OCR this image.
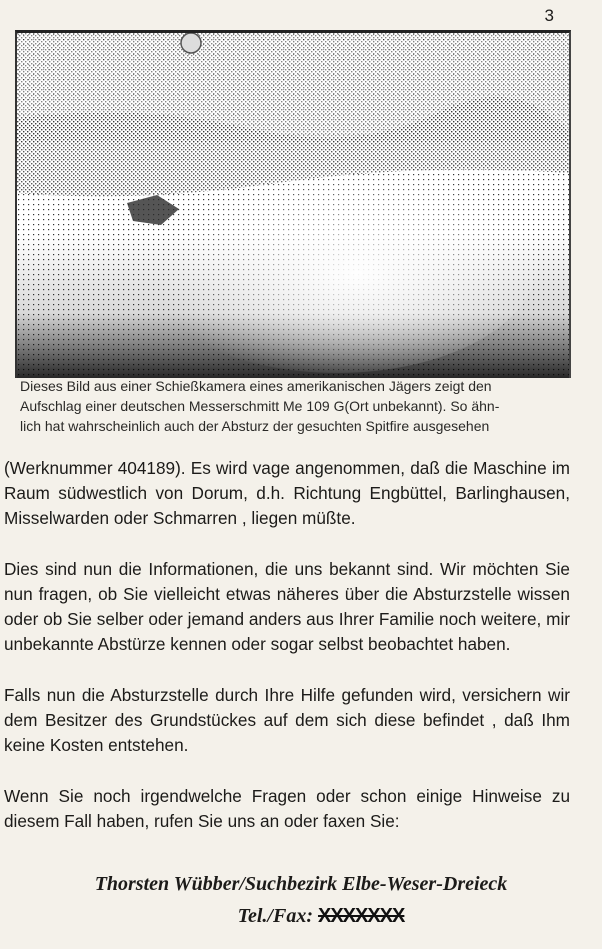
3
Dieses Bild aus einer Schießkamera eines amerikanischen Jägers zeigt den
Aufschlag einer deutschen Messerschmitt Me 109 G(Ort unbekannt). So ähn-
lich hat wahrscheinlich auch der Absturz der gesuchten Spitfire ausgesehen

(Werknummer 404189). Es wird vage angenommen, daß die Maschine im Raum südwestlich von Dorum, d.h. Richtung Engbüttel, Barlinghausen, Misselwarden oder Schmarren , liegen müßte.

Dies sind nun die Informationen, die uns bekannt sind. Wir möchten Sie nun fragen, ob Sie vielleicht etwas näheres über die Absturzstelle wissen oder ob Sie selber oder jemand anders aus Ihrer Familie noch weitere, mir unbekannte Abstürze kennen oder sogar selbst beobachtet haben.

Falls nun die Absturzstelle durch Ihre Hilfe gefunden wird, versichern wir dem Besitzer des Grundstückes auf dem sich diese befindet , daß Ihm keine Kosten entstehen.

Wenn Sie noch irgendwelche Fragen oder schon einige Hinweise zu diesem Fall haben, rufen Sie uns an oder faxen Sie:

Thorsten Wübber/Suchbezirk Elbe-Weser-Dreieck
Tel./Fax: XXXXXXX
